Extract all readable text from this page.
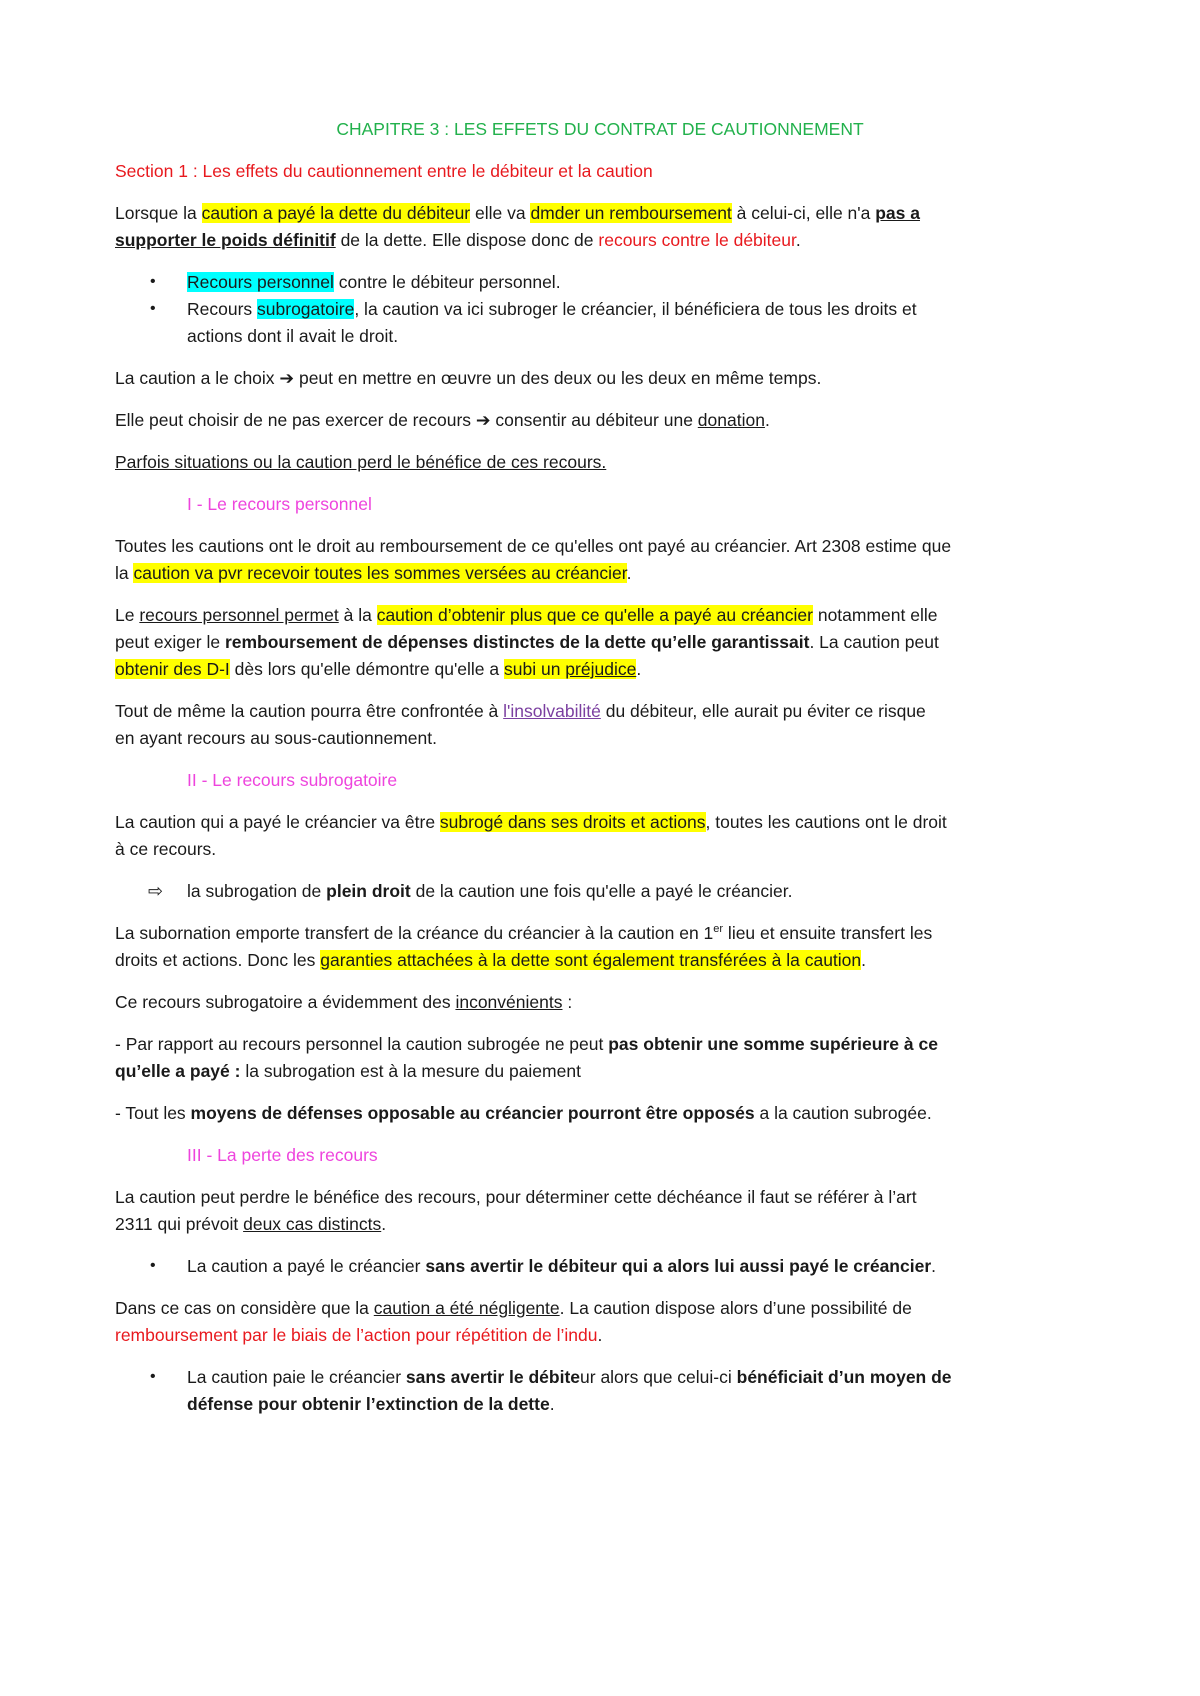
CHAPITRE 3 : LES EFFETS DU CONTRAT DE CAUTIONNEMENT
Section 1 : Les effets du cautionnement entre le débiteur et la caution
Lorsque la caution a payé la dette du débiteur elle va dmder un remboursement à celui-ci, elle n'a pas a
supporter le poids définitif de la dette. Elle dispose donc de recours contre le débiteur.
• Recours personnel contre le débiteur personnel.
• Recours subrogatoire, la caution va ici subroger le créancier, il bénéficiera de tous les droits et
actions dont il avait le droit.
La caution a le choix ➔ peut en mettre en œuvre un des deux ou les deux en même temps.
Elle peut choisir de ne pas exercer de recours ➔ consentir au débiteur une donation.
Parfois situations ou la caution perd le bénéfice de ces recours.
I - Le recours personnel
Toutes les cautions ont le droit au remboursement de ce qu'elles ont payé au créancier. Art 2308 estime que
la caution va pvr recevoir toutes les sommes versées au créancier.
Le recours personnel permet à la caution d’obtenir plus que ce qu'elle a payé au créancier notamment elle
peut exiger le remboursement de dépenses distinctes de la dette qu’elle garantissait. La caution peut
obtenir des D-I dès lors qu'elle démontre qu'elle a subi un préjudice.
Tout de même la caution pourra être confrontée à l'insolvabilité du débiteur, elle aurait pu éviter ce risque
en ayant recours au sous-cautionnement.
II - Le recours subrogatoire
La caution qui a payé le créancier va être subrogé dans ses droits et actions, toutes les cautions ont le droit
à ce recours.
⇨ la subrogation de plein droit de la caution une fois qu'elle a payé le créancier.
La subornation emporte transfert de la créance du créancier à la caution en 1er lieu et ensuite transfert les
droits et actions. Donc les garanties attachées à la dette sont également transférées à la caution.
Ce recours subrogatoire a évidemment des inconvénients :
- Par rapport au recours personnel la caution subrogée ne peut pas obtenir une somme supérieure à ce
qu’elle a payé : la subrogation est à la mesure du paiement
- Tout les moyens de défenses opposable au créancier pourront être opposés a la caution subrogée.
III - La perte des recours
La caution peut perdre le bénéfice des recours, pour déterminer cette déchéance il faut se référer à l’art
2311 qui prévoit deux cas distincts.
• La caution a payé le créancier sans avertir le débiteur qui a alors lui aussi payé le créancier.
Dans ce cas on considère que la caution a été négligente. La caution dispose alors d’une possibilité de
remboursement par le biais de l’action pour répétition de l’indu.
• La caution paie le créancier sans avertir le débiteur alors que celui-ci bénéficiait d’un moyen de
défense pour obtenir l’extinction de la dette.
